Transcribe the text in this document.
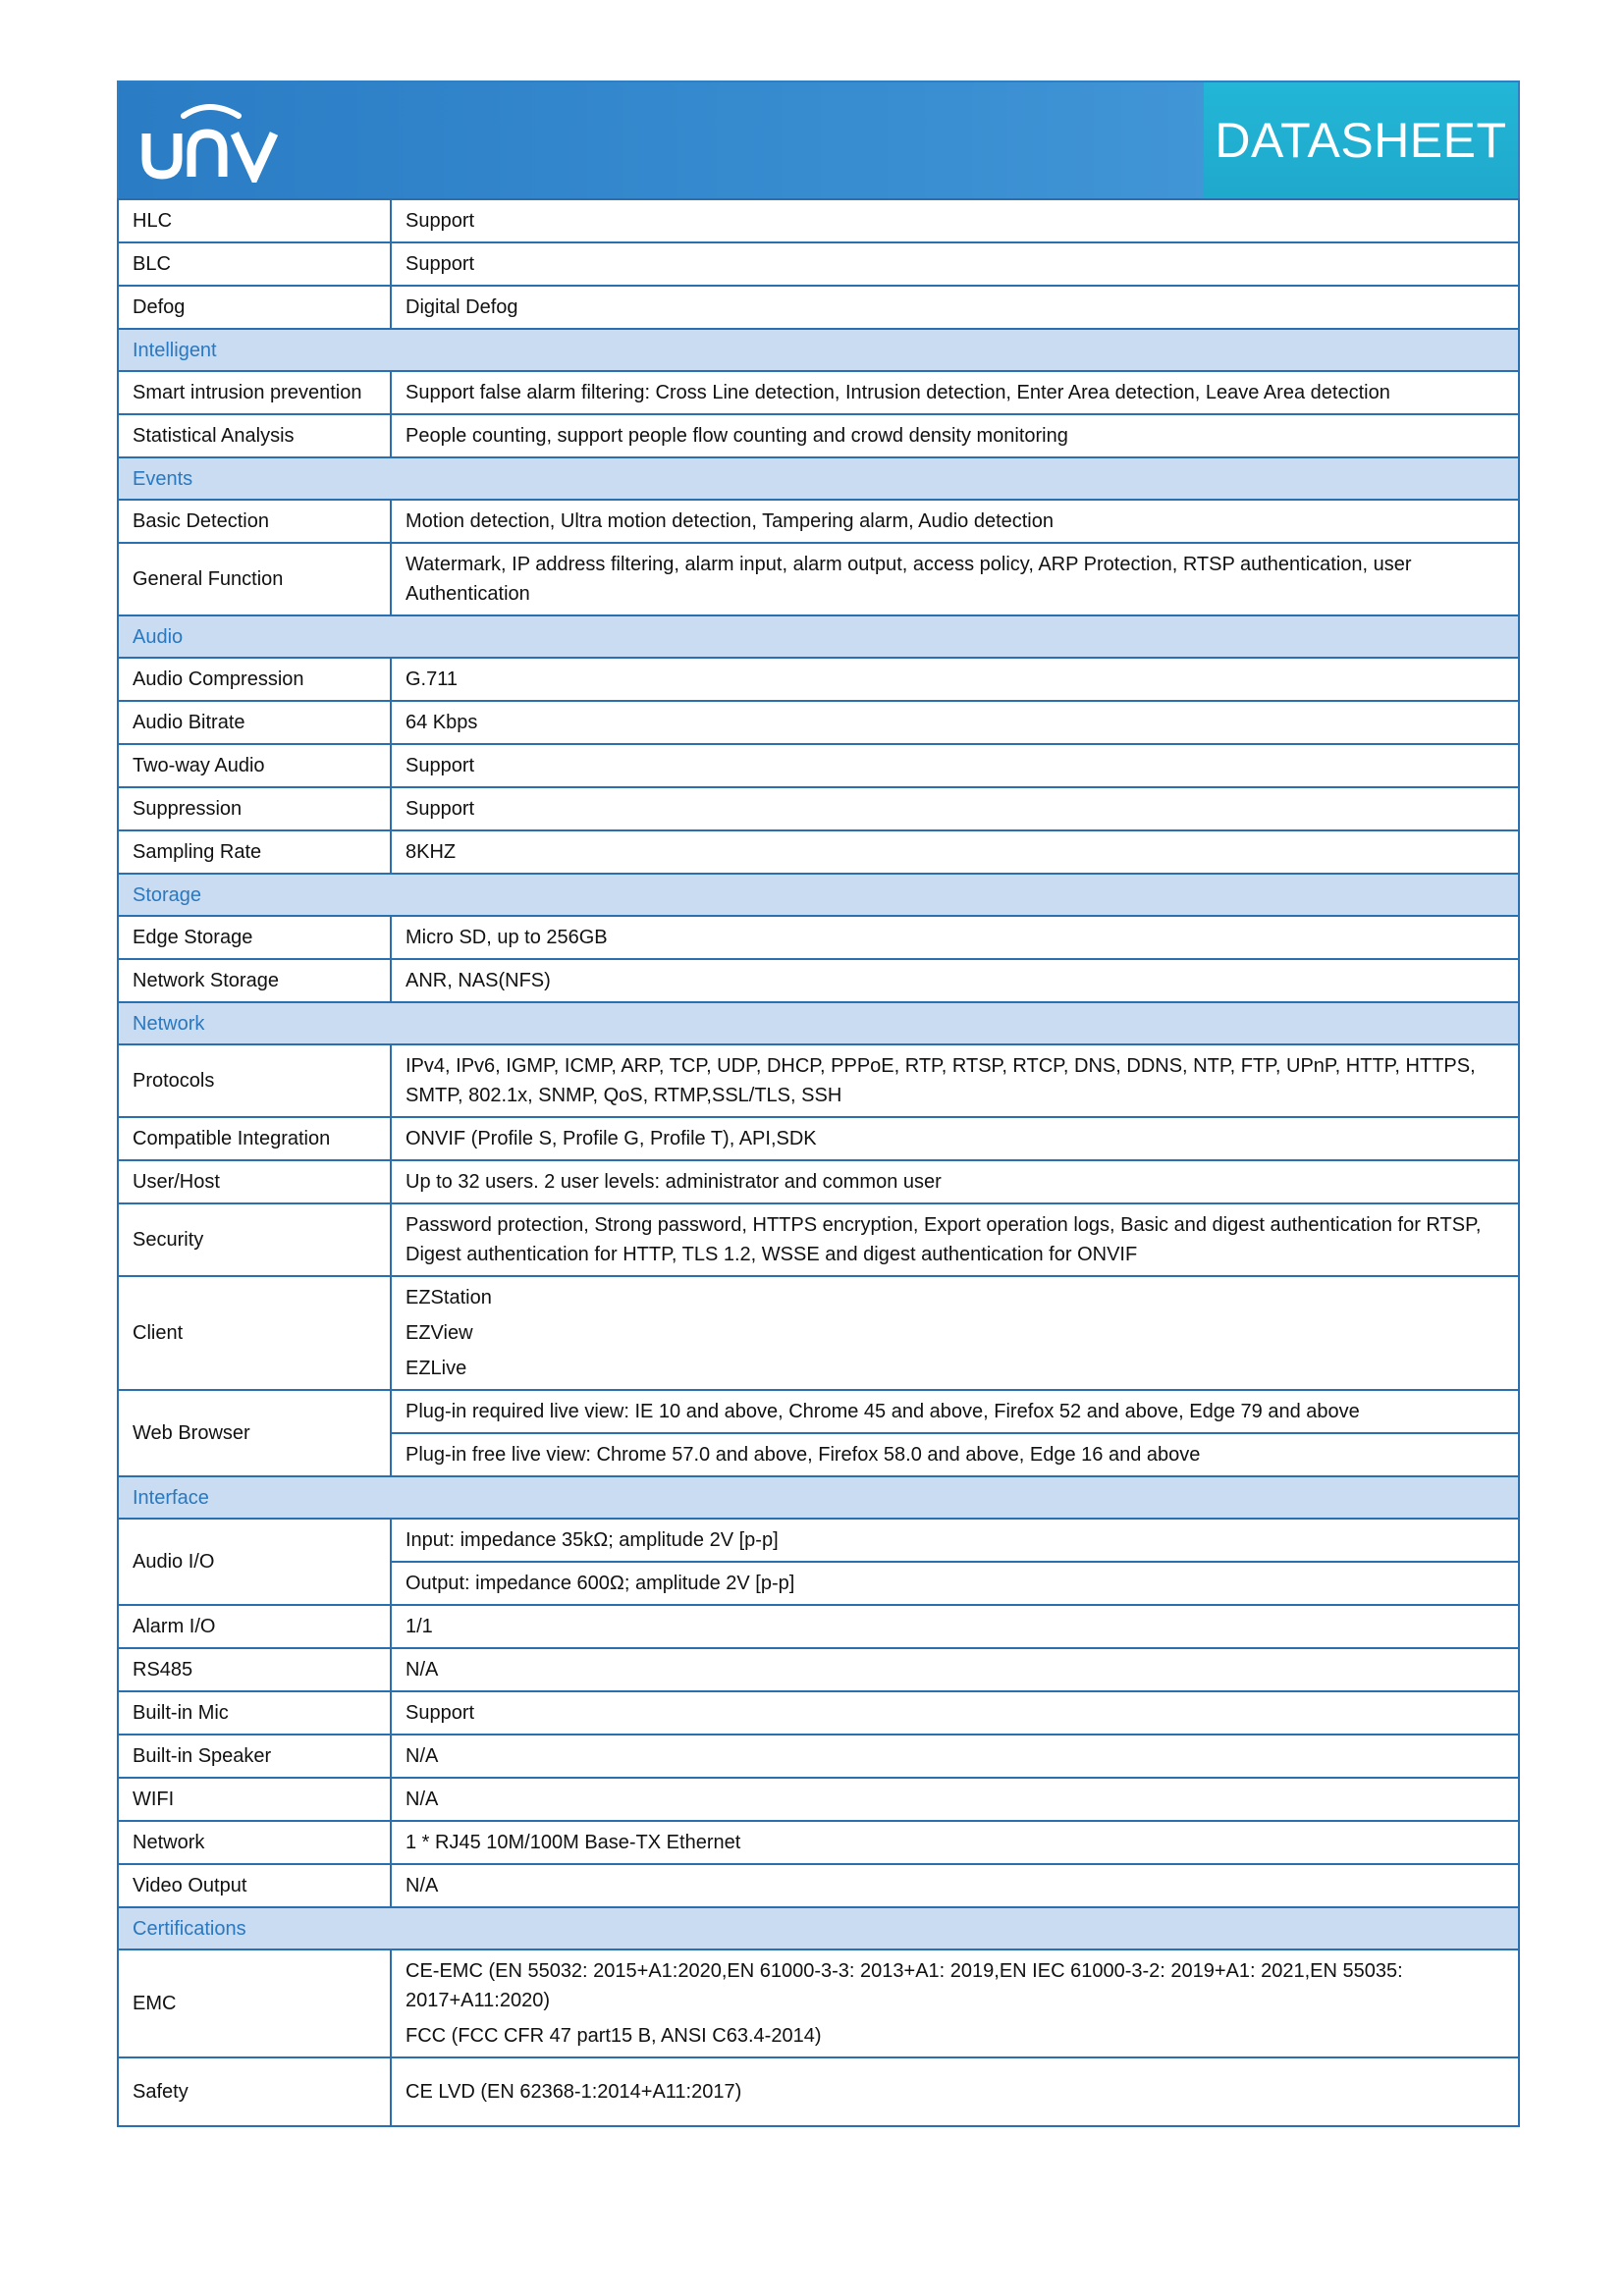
DATASHEET
HLC	Support

BLC	Support

Defog	Digital Defog

Intelligent	
Smart intrusion prevention	Support false alarm filtering: Cross Line detection, Intrusion detection, Enter Area detection, Leave Area detection

Statistical Analysis	People counting, support people flow counting and crowd density monitoring

Events	
Basic Detection	Motion detection, Ultra motion detection, Tampering alarm, Audio detection

General Function	Watermark, IP address filtering, alarm input, alarm output, access policy, ARP Protection, RTSP authentication, user Authentication

Audio	
Audio Compression	G.711

Audio Bitrate	64 Kbps

Two-way Audio	Support

Suppression	Support

Sampling Rate	8KHZ

Storage	
Edge Storage	Micro SD, up to 256GB

Network Storage	ANR, NAS(NFS)

Network	
Protocols	IPv4, IPv6, IGMP, ICMP, ARP, TCP, UDP, DHCP, PPPoE, RTP, RTSP, RTCP, DNS, DDNS, NTP, FTP, UPnP, HTTP, HTTPS, SMTP, 802.1x, SNMP, QoS, RTMP,SSL/TLS, SSH

Compatible Integration	ONVIF (Profile S, Profile G, Profile T), API,SDK

User/Host	Up to 32 users. 2 user levels: administrator and common user

Security	Password protection, Strong password, HTTPS encryption, Export operation logs, Basic and digest authentication for RTSP, Digest authentication for HTTP, TLS 1.2, WSSE and digest authentication for ONVIF

Client	EZStation
EZView
EZLive

Web Browser	Plug-in required live view: IE 10 and above, Chrome 45 and above, Firefox 52 and above, Edge 79 and above
	Plug-in free live view: Chrome 57.0 and above, Firefox 58.0 and above, Edge 16 and above
Interface	
Audio I/O	Input: impedance 35kΩ; amplitude 2V [p-p]
	Output: impedance 600Ω; amplitude 2V [p-p]
Alarm I/O	1/1

RS485	N/A

Built-in Mic	Support

Built-in Speaker	N/A

WIFI	N/A

Network	1 * RJ45 10M/100M Base-TX Ethernet

Video Output	N/A

Certifications	
EMC	CE-EMC (EN 55032: 2015+A1:2020,EN 61000-3-3: 2013+A1: 2019,EN IEC 61000-3-2: 2019+A1: 2021,EN 55035: 2017+A11:2020)
FCC (FCC CFR 47 part15 B, ANSI C63.4-2014)

Safety	CE LVD (EN 62368-1:2014+A11:2017)
